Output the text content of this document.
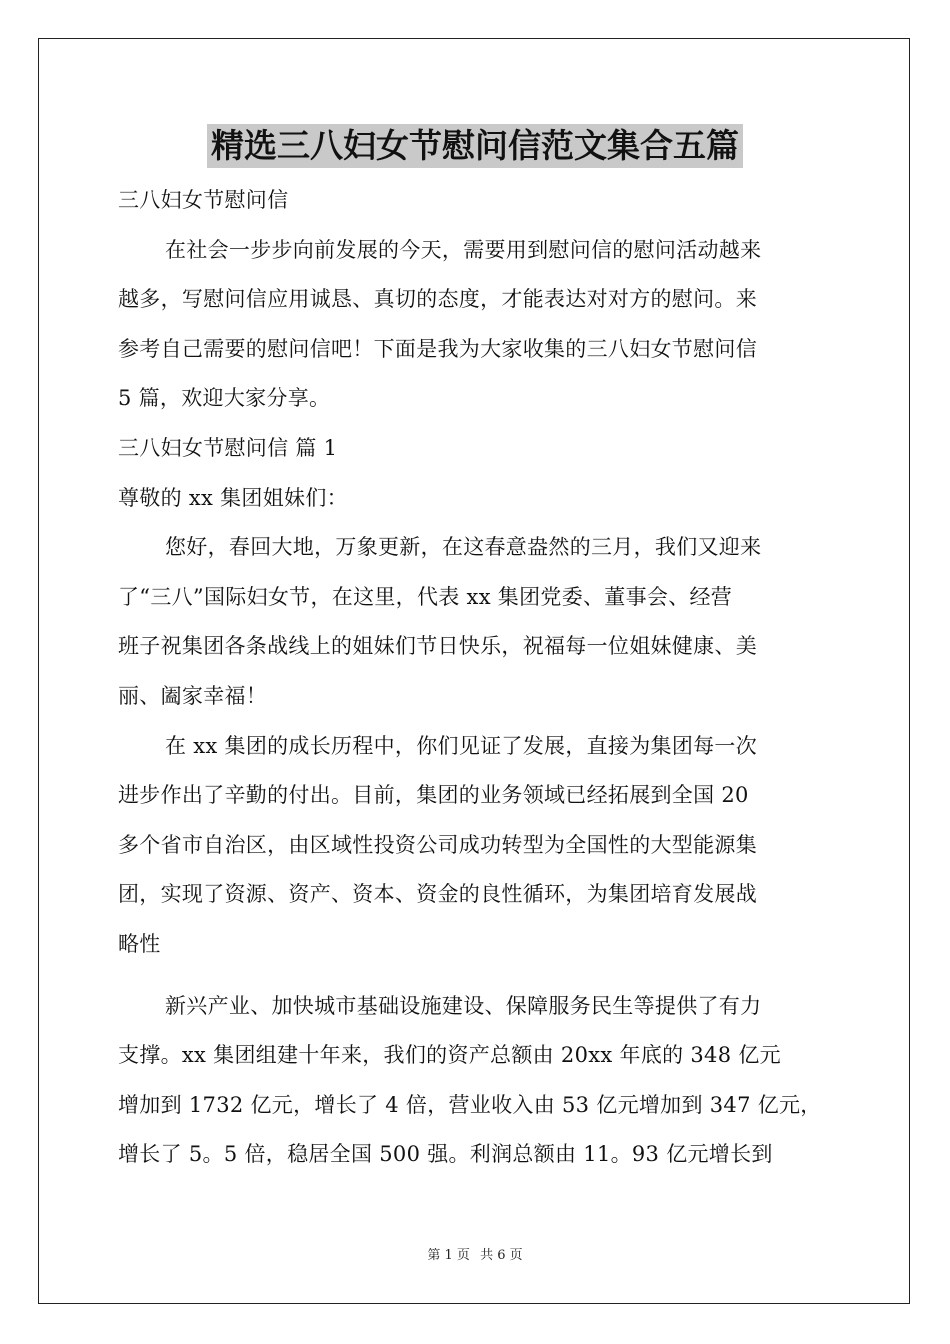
精选三八妇女节慰问信范文集合五篇
三八妇女节慰问信
在社会一步步向前发展的今天，需要用到慰问信的慰问活动越来
越多，写慰问信应用诚恳、真切的态度，才能表达对对方的慰问。来
参考自己需要的慰问信吧！下面是我为大家收集的三八妇女节慰问信
5 篇，欢迎大家分享。
三八妇女节慰问信 篇 1
尊敬的 xx 集团姐妹们：
您好，春回大地，万象更新，在这春意盎然的三月，我们又迎来
了“三八”国际妇女节，在这里，代表 xx 集团党委、董事会、经营
班子祝集团各条战线上的姐妹们节日快乐，祝福每一位姐妹健康、美
丽、阖家幸福！
在 xx 集团的成长历程中，你们见证了发展，直接为集团每一次
进步作出了辛勤的付出。目前，集团的业务领域已经拓展到全国 20
多个省市自治区，由区域性投资公司成功转型为全国性的大型能源集
团，实现了资源、资产、资本、资金的良性循环，为集团培育发展战
略性
新兴产业、加快城市基础设施建设、保障服务民生等提供了有力
支撑。xx 集团组建十年来，我们的资产总额由 20xx 年底的 348 亿元
增加到 1732 亿元，增长了 4 倍，营业收入由 53 亿元增加到 347 亿元，
增长了 5。5 倍，稳居全国 500 强。利润总额由 11。93 亿元增长到
第 1 页 共 6 页
